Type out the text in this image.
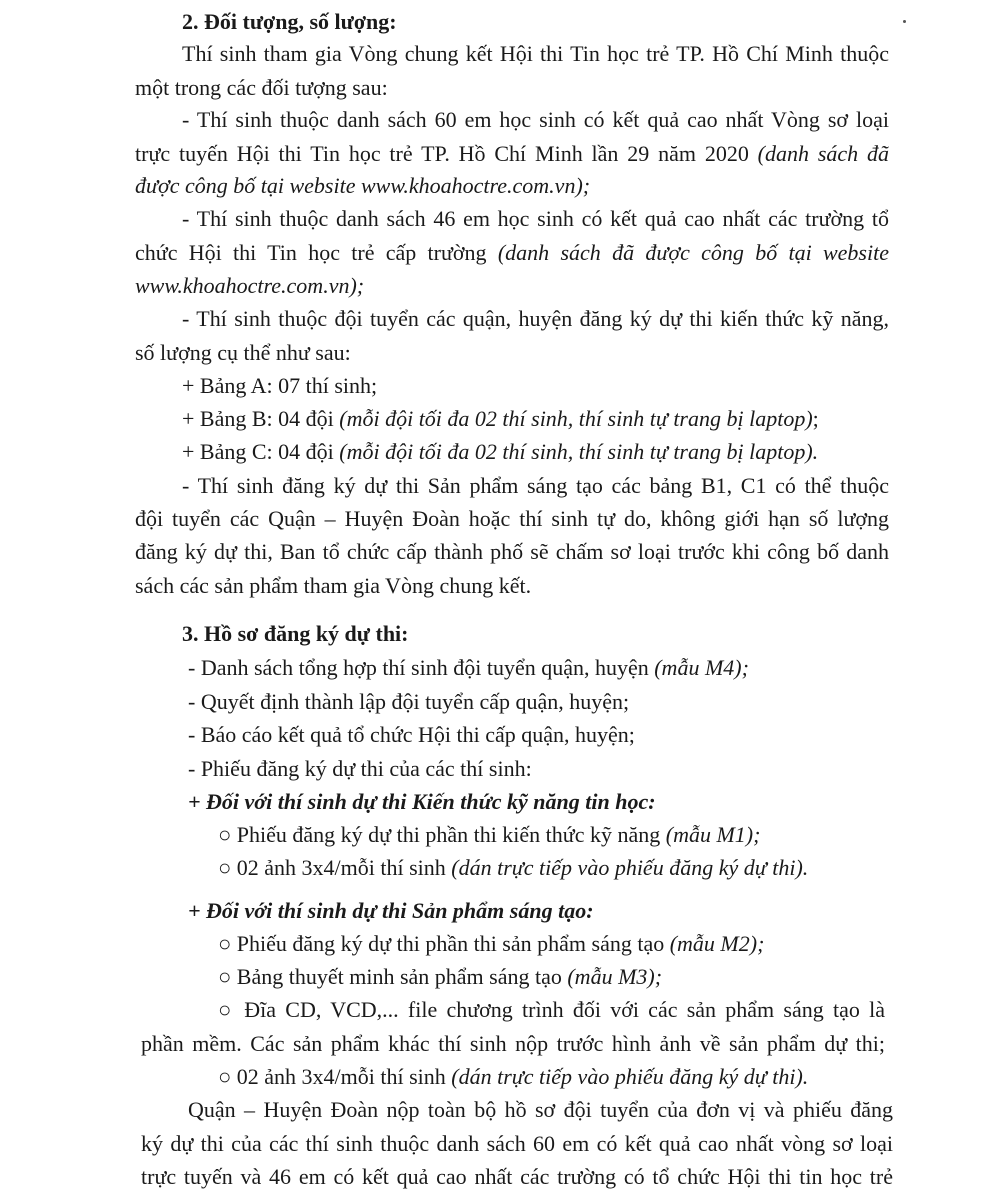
2. Đối tượng, số lượng:
Thí sinh tham gia Vòng chung kết Hội thi Tin học trẻ TP. Hồ Chí Minh thuộc
một trong các đối tượng sau:
- Thí sinh thuộc danh sách 60 em học sinh có kết quả cao nhất Vòng sơ loại
trực tuyến Hội thi Tin học trẻ TP. Hồ Chí Minh lần 29 năm 2020 (danh sách đã
được công bố tại website www.khoahoctre.com.vn);
- Thí sinh thuộc danh sách 46 em học sinh có kết quả cao nhất các trường tổ
chức Hội thi Tin học trẻ cấp trường (danh sách đã được công bố tại website
www.khoahoctre.com.vn);
- Thí sinh thuộc đội tuyển các quận, huyện đăng ký dự thi kiến thức kỹ năng,
số lượng cụ thể như sau:
+ Bảng A: 07 thí sinh;
+ Bảng B: 04 đội (mỗi đội tối đa 02 thí sinh, thí sinh tự trang bị laptop);
+ Bảng C: 04 đội (mỗi đội tối đa 02 thí sinh, thí sinh tự trang bị laptop).
- Thí sinh đăng ký dự thi Sản phẩm sáng tạo các bảng B1, C1 có thể thuộc
đội tuyển các Quận – Huyện Đoàn hoặc thí sinh tự do, không giới hạn số lượng
đăng ký dự thi, Ban tổ chức cấp thành phố sẽ chấm sơ loại trước khi công bố danh
sách các sản phẩm tham gia Vòng chung kết.
3. Hồ sơ đăng ký dự thi:
- Danh sách tổng hợp thí sinh đội tuyển quận, huyện (mẫu M4);
- Quyết định thành lập đội tuyển cấp quận, huyện;
- Báo cáo kết quả tổ chức Hội thi cấp quận, huyện;
- Phiếu đăng ký dự thi của các thí sinh:
+ Đối với thí sinh dự thi Kiến thức kỹ năng tin học:
○ Phiếu đăng ký dự thi phần thi kiến thức kỹ năng (mẫu M1);
○ 02 ảnh 3x4/mỗi thí sinh (dán trực tiếp vào phiếu đăng ký dự thi).
+ Đối với thí sinh dự thi Sản phẩm sáng tạo:
○ Phiếu đăng ký dự thi phần thi sản phẩm sáng tạo (mẫu M2);
○ Bảng thuyết minh sản phẩm sáng tạo (mẫu M3);
○ Đĩa CD, VCD,... file chương trình đối với các sản phẩm sáng tạo là
phần mềm. Các sản phẩm khác thí sinh nộp trước hình ảnh về sản phẩm dự thi;
○ 02 ảnh 3x4/mỗi thí sinh (dán trực tiếp vào phiếu đăng ký dự thi).
Quận – Huyện Đoàn nộp toàn bộ hồ sơ đội tuyển của đơn vị và phiếu đăng
ký dự thi của các thí sinh thuộc danh sách 60 em có kết quả cao nhất vòng sơ loại
trực tuyến và 46 em có kết quả cao nhất các trường có tổ chức Hội thi tin học trẻ
